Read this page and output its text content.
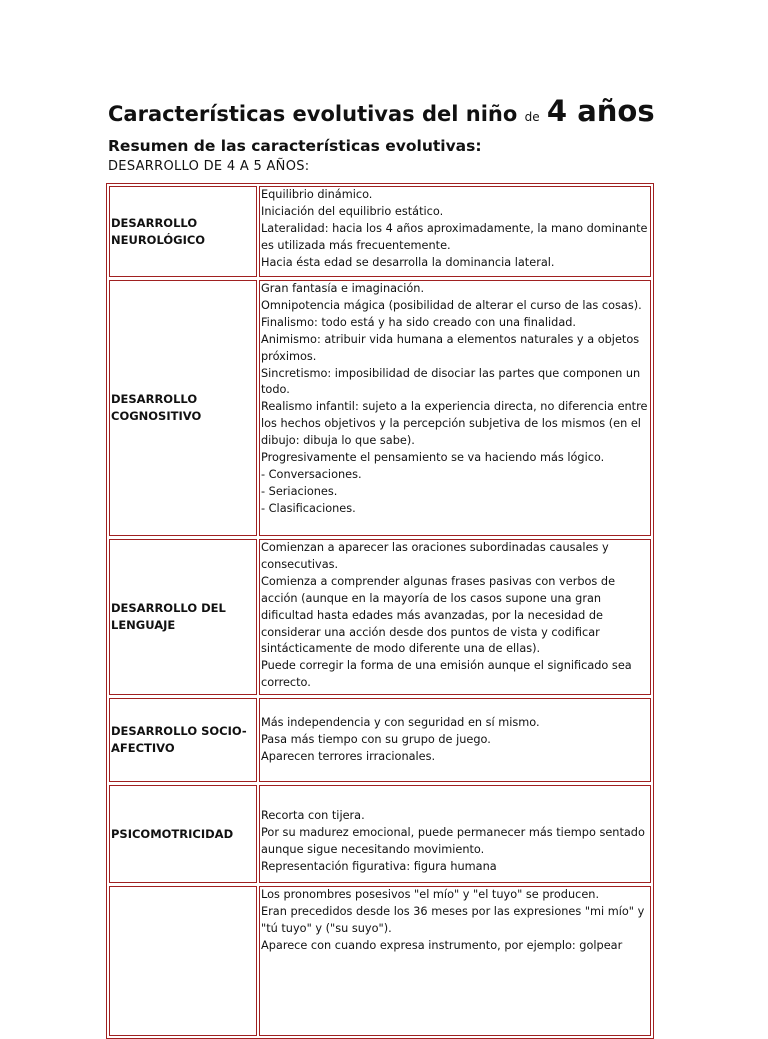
Características evolutivas del niño de 4 años
Resumen de las características evolutivas:
DESARROLLO DE 4 A 5 AÑOS:
DESARROLLO NEUROLÓGICO
Equilibrio dinámico.
Iniciación del equilibrio estático.
Lateralidad: hacia los 4 años aproximadamente, la mano dominante es utilizada más frecuentemente.
Hacia ésta edad se desarrolla la dominancia lateral.
DESARROLLO COGNOSITIVO
Gran fantasía e imaginación.
Omnipotencia mágica (posibilidad de alterar el curso de las cosas).
Finalismo: todo está y ha sido creado con una finalidad.
Animismo: atribuir vida humana a elementos naturales y a objetos próximos.
Sincretismo: imposibilidad de disociar las partes que componen un todo.
Realismo infantil: sujeto a la experiencia directa, no diferencia entre los hechos objetivos y la percepción subjetiva de los mismos (en el dibujo: dibuja lo que sabe).
Progresivamente el pensamiento se va haciendo más lógico.
- Conversaciones.
- Seriaciones.
- Clasificaciones.
DESARROLLO DEL LENGUAJE
Comienzan a aparecer las oraciones subordinadas causales y consecutivas.
Comienza a comprender algunas frases pasivas con verbos de acción (aunque en la mayoría de los casos supone una gran dificultad hasta edades más avanzadas, por la necesidad de considerar una acción desde dos puntos de vista y codificar sintácticamente de modo diferente una de ellas).
Puede corregir la forma de una emisión aunque el significado sea correcto.
DESARROLLO SOCIO-AFECTIVO
Más independencia y con seguridad en sí mismo.
Pasa más tiempo con su grupo de juego.
Aparecen terrores irracionales.
PSICOMOTRICIDAD
Recorta con tijera.
Por su madurez emocional, puede permanecer más tiempo sentado aunque sigue necesitando movimiento.
Representación figurativa: figura humana
Los pronombres posesivos "el mío" y "el tuyo" se producen.
Eran precedidos desde los 36 meses por las expresiones "mi mío" y "tú tuyo" y ("su suyo").
Aparece con cuando expresa instrumento, por ejemplo: golpear
